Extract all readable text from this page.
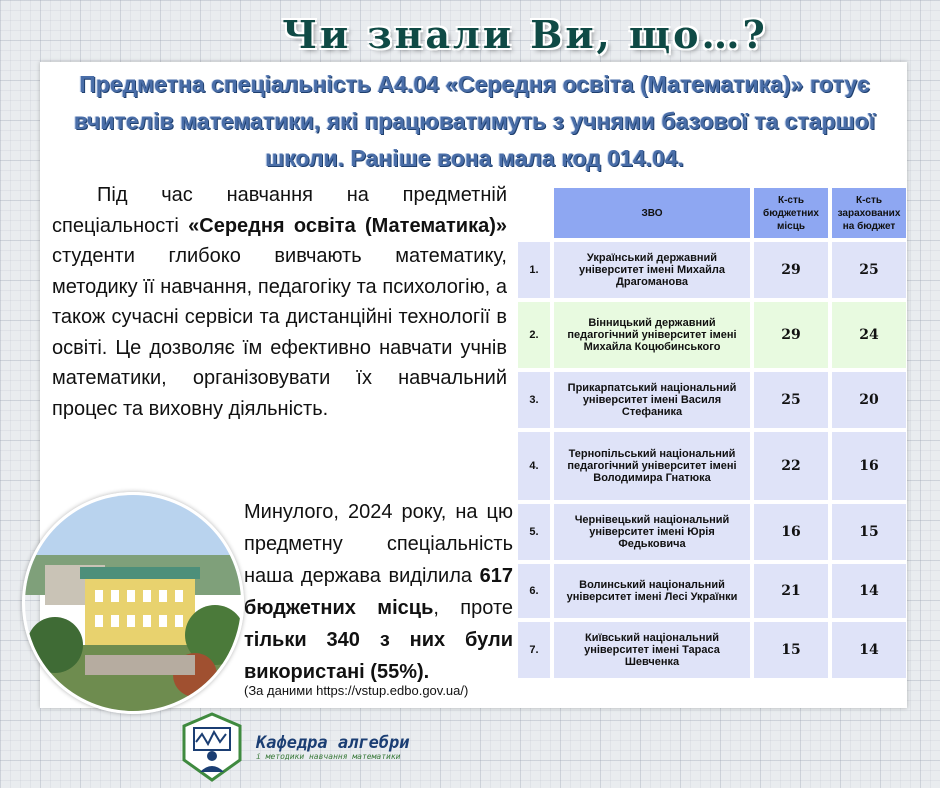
Чи знали Ви, що…?
Предметна спеціальність А4.04 «Середня освіта (Математика)» готує вчителів математики, які працюватимуть з учнями базової та старшої школи. Раніше вона мала код 014.04.
Під час навчання на предметній спеціальності «Середня освіта (Математика)» студенти глибоко вивчають математику, методику її навчання, педагогіку та психологію, а також сучасні сервіси та дистанційні технології в освіті. Це дозволяє їм ефективно навчати учнів математики, організовувати їх навчальний процес та виховну діяльність.
Минулого, 2024 року, на цю предметну спеціальність наша держава виділила 617 бюджетних місць, проте тільки 340 з них були використані (55%).
(За даними https://vstup.edbo.gov.ua/)
	ЗВО	К-сть бюджетних місць	К-сть зарахованих на бюджет
1.	Український державний університет імені Михайла Драгоманова	29	25
2.	Вінницький державний педагогічний університет імені Михайла Коцюбинського	29	24
3.	Прикарпатський національний університет імені Василя Стефаника	25	20
4.	Тернопільський національний педагогічний університет імені Володимира Гнатюка	22	16
5.	Чернівецький національний університет імені Юрія Федьковича	16	15
6.	Волинський національний університет імені Лесі Українки	21	14
7.	Київський національний університет імені Тараса Шевченка	15	14
Кафедра алгебри
і методики навчання математики
